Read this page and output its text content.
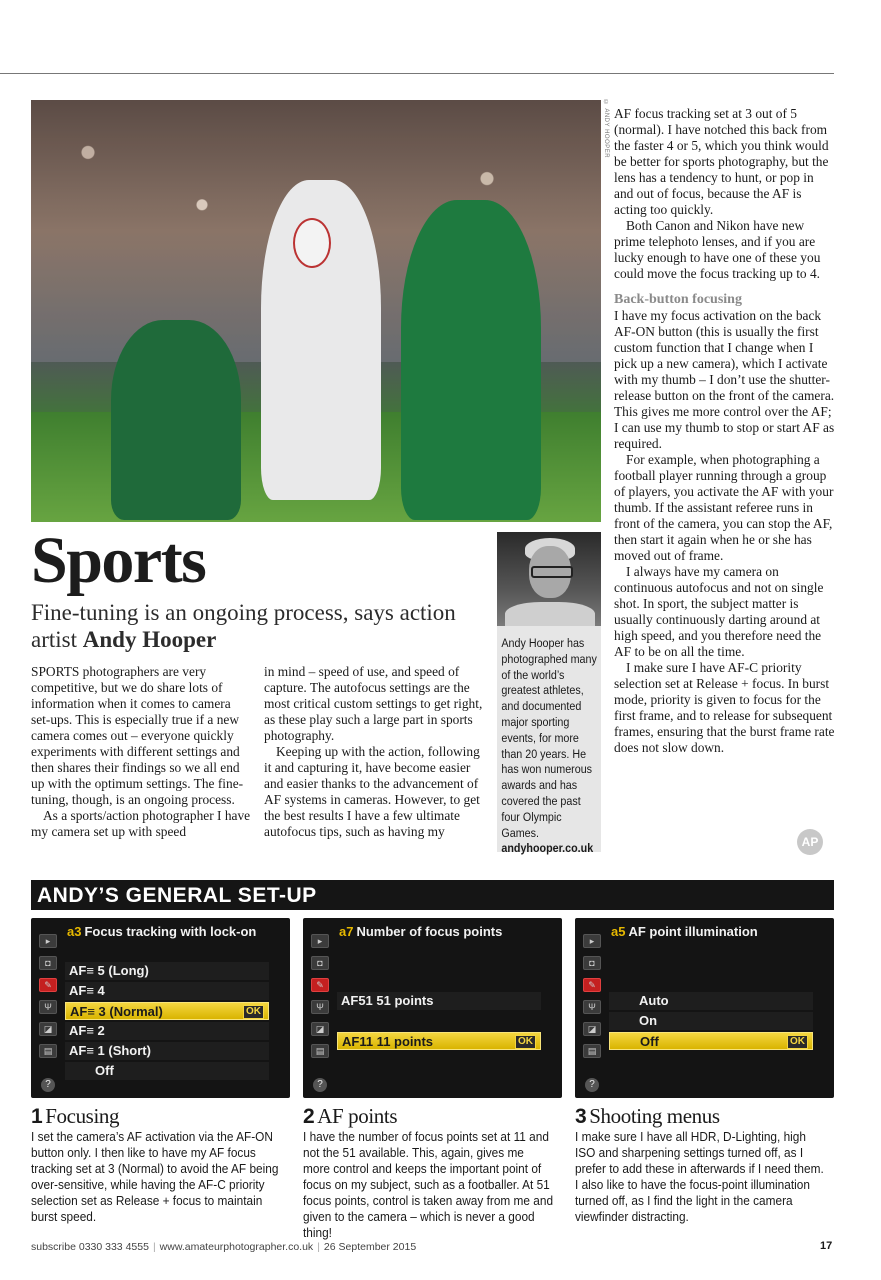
© ANDY HOOPER
Sports
Fine-tuning is an ongoing process, says action artist Andy Hooper

SPORTS photographers are very competitive, but we do share lots of information when it comes to camera set-ups. This is especially true if a new camera comes out – everyone quickly experiments with different settings and then shares their findings so we all end up with the optimum settings. The fine-tuning, though, is an ongoing process.

As a sports/action photographer I have my camera set up with speed

in mind – speed of use, and speed of capture. The autofocus settings are the most critical custom settings to get right, as these play such a large part in sports photography.

Keeping up with the action, following it and capturing it, have become easier and easier thanks to the advancement of AF systems in cameras. However, to get the best results I have a few ultimate autofocus tips, such as having my

AF focus tracking set at 3 out of 5 (normal). I have notched this back from the faster 4 or 5, which you think would be better for sports photography, but the lens has a tendency to hunt, or pop in and out of focus, because the AF is acting too quickly.

Both Canon and Nikon have new prime telephoto lenses, and if you are lucky enough to have one of these you could move the focus tracking up to 4.

Back-button focusing

I have my focus activation on the back AF-ON button (this is usually the first custom function that I change when I pick up a new camera), which I activate with my thumb – I don’t use the shutter-release button on the front of the camera. This gives me more control over the AF; I can use my thumb to stop or start AF as required.

For example, when photographing a football player running through a group of players, you activate the AF with your thumb. If the assistant referee runs in front of the camera, you can stop the AF, then start it again when he or she has moved out of frame.

I always have my camera on continuous autofocus and not on single shot. In sport, the subject matter is usually continuously darting around at high speed, and you therefore need the AF to be on all the time.

I make sure I have AF-C priority selection set at Release + focus. In burst mode, priority is given to focus for the first frame, and to release for subsequent frames, ensuring that the burst frame rate does not slow down.

Andy Hooper has photographed many of the world’s greatest athletes, and documented major sporting events, for more than 20 years. He has won numerous awards and has covered the past four Olympic Games. andyhooper.co.uk	AP
ANDY’S GENERAL SET-UP
a3 Focus tracking with lock-on
▸
◘
✎
Ψ
◪
▤
AF≡ 5 (Long)
AF≡ 4
AF≡ 3 (Normal)	OK
AF≡ 2
AF≡ 1 (Short)
Off
?
a7 Number of focus points
▸
◘
✎
Ψ
◪
▤
AF51 51 points
AF11 11 points	OK
?
a5 AF point illumination
▸
◘
✎
Ψ
◪
▤
Auto
On
Off	OK
?
1 Focusing

I set the camera’s AF activation via the AF-ON button only. I then like to have my AF focus tracking set at 3 (Normal) to avoid the AF being over-sensitive, while having the AF-C priority selection set as Release + focus to maintain burst speed.

2 AF points

I have the number of focus points set at 11 and not the 51 available. This, again, gives me more control and keeps the important point of focus on my subject, such as a footballer. At 51 focus points, control is taken away from me and given to the camera – which is never a good thing!

3 Shooting menus

I make sure I have all HDR, D-Lighting, high ISO and sharpening settings turned off, as I prefer to add these in afterwards if I need them. I also like to have the focus-point illumination turned off, as I find the light in the camera viewfinder distracting.

subscribe 0330 333 4555 | www.amateurphotographer.co.uk | 26 September 2015	17
